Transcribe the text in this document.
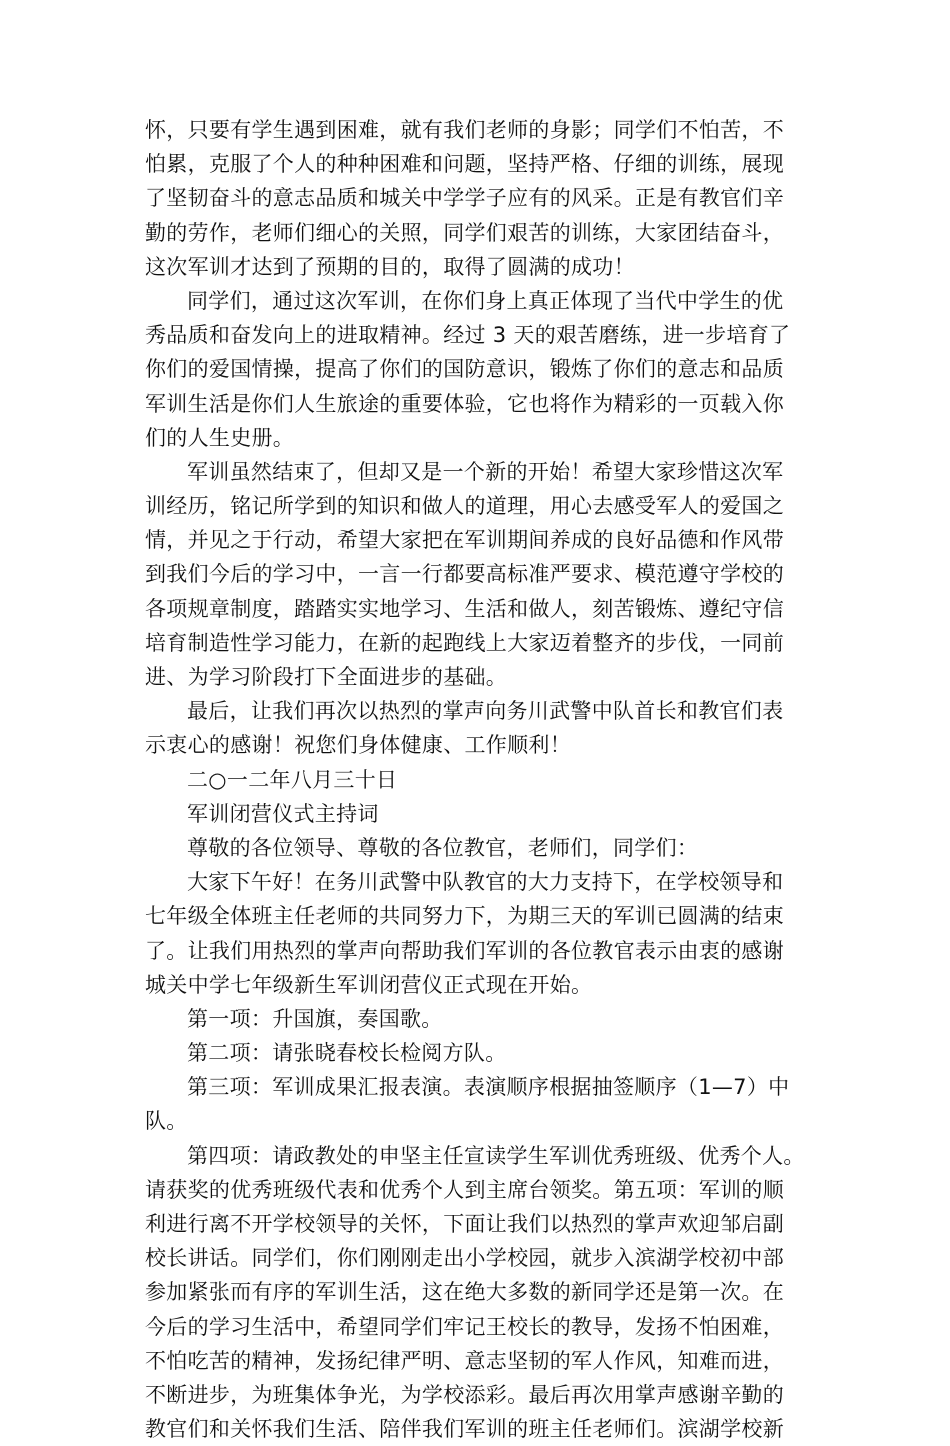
怀，只要有学生遇到困难，就有我们老师的身影；同学们不怕苦，不
怕累，克服了个人的种种困难和问题，坚持严格、仔细的训练，展现
了坚韧奋斗的意志品质和城关中学学子应有的风采。正是有教官们辛
勤的劳作，老师们细心的关照，同学们艰苦的训练，大家团结奋斗，
这次军训才达到了预期的目的，取得了圆满的成功！
同学们，通过这次军训，在你们身上真正体现了当代中学生的优
秀品质和奋发向上的进取精神。经过 3 天的艰苦磨练，进一步培育了
你们的爱国情操，提高了你们的国防意识，锻炼了你们的意志和品质
军训生活是你们人生旅途的重要体验，它也将作为精彩的一页载入你
们的人生史册。
军训虽然结束了，但却又是一个新的开始！希望大家珍惜这次军
训经历，铭记所学到的知识和做人的道理，用心去感受军人的爱国之
情，并见之于行动，希望大家把在军训期间养成的良好品德和作风带
到我们今后的学习中，一言一行都要高标准严要求、模范遵守学校的
各项规章制度，踏踏实实地学习、生活和做人，刻苦锻炼、遵纪守信
培育制造性学习能力，在新的起跑线上大家迈着整齐的步伐，一同前
进、为学习阶段打下全面进步的基础。
最后，让我们再次以热烈的掌声向务川武警中队首长和教官们表
示衷心的感谢！祝您们身体健康、工作顺利！
二○一二年八月三十日
军训闭营仪式主持词
尊敬的各位领导、尊敬的各位教官，老师们，同学们：
大家下午好！在务川武警中队教官的大力支持下，在学校领导和
七年级全体班主任老师的共同努力下，为期三天的军训已圆满的结束
了。让我们用热烈的掌声向帮助我们军训的各位教官表示由衷的感谢
城关中学七年级新生军训闭营仪正式现在开始。
第一项：升国旗，奏国歌。
第二项：请张晓春校长检阅方队。
第三项：军训成果汇报表演。表演顺序根据抽签顺序（1—7）中
队。
第四项：请政教处的申坚主任宣读学生军训优秀班级、优秀个人。
请获奖的优秀班级代表和优秀个人到主席台领奖。第五项：军训的顺
利进行离不开学校领导的关怀，下面让我们以热烈的掌声欢迎邹启副
校长讲话。同学们，你们刚刚走出小学校园，就步入滨湖学校初中部
参加紧张而有序的军训生活，这在绝大多数的新同学还是第一次。在
今后的学习生活中，希望同学们牢记王校长的教导，发扬不怕困难，
不怕吃苦的精神，发扬纪律严明、意志坚韧的军人作风，知难而进，
不断进步，为班集体争光，为学校添彩。最后再次用掌声感谢辛勤的
教官们和关怀我们生活、陪伴我们军训的班主任老师们。滨湖学校新
